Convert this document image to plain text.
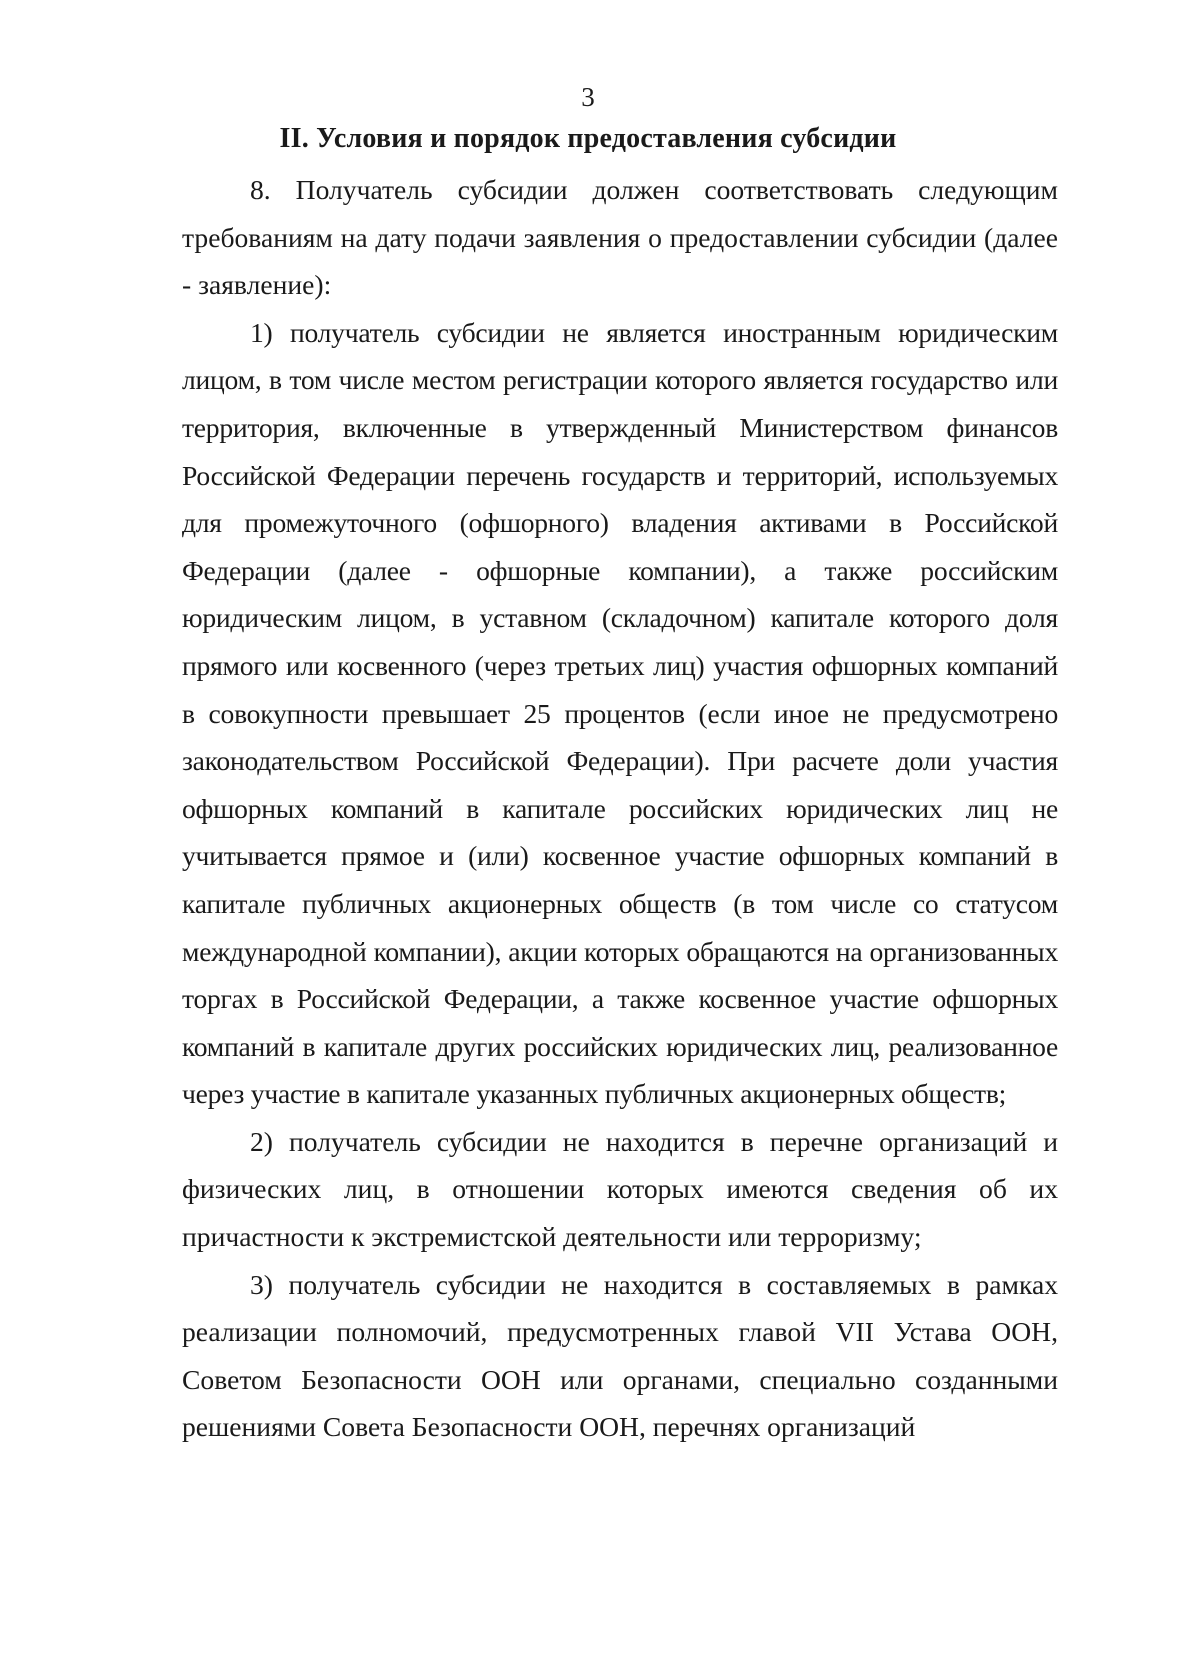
3
II. Условия и порядок предоставления субсидии

8. Получатель субсидии должен соответствовать следующим требованиям на дату подачи заявления о предоставлении субсидии (далее - заявление):

1) получатель субсидии не является иностранным юридическим лицом, в том числе местом регистрации которого является государство или территория, включенные в утвержденный Министерством финансов Российской Федерации перечень государств и территорий, используемых для промежуточного (офшорного) владения активами в Российской Федерации (далее - офшорные компании), а также российским юридическим лицом, в уставном (складочном) капитале которого доля прямого или косвенного (через третьих лиц) участия офшорных компаний в совокупности превышает 25 процентов (если иное не предусмотрено законодательством Российской Федерации). При расчете доли участия офшорных компаний в капитале российских юридических лиц не учитывается прямое и (или) косвенное участие офшорных компаний в капитале публичных акционерных обществ (в том числе со статусом международной компании), акции которых обращаются на организованных торгах в Российской Федерации, а также косвенное участие офшорных компаний в капитале других российских юридических лиц, реализованное через участие в капитале указанных публичных акционерных обществ;

2) получатель субсидии не находится в перечне организаций и физических лиц, в отношении которых имеются сведения об их причастности к экстремистской деятельности или терроризму;

3) получатель субсидии не находится в составляемых в рамках реализации полномочий, предусмотренных главой VII Устава ООН, Советом Безопасности ООН или органами, специально созданными решениями Совета Безопасности ООН, перечнях организаций
